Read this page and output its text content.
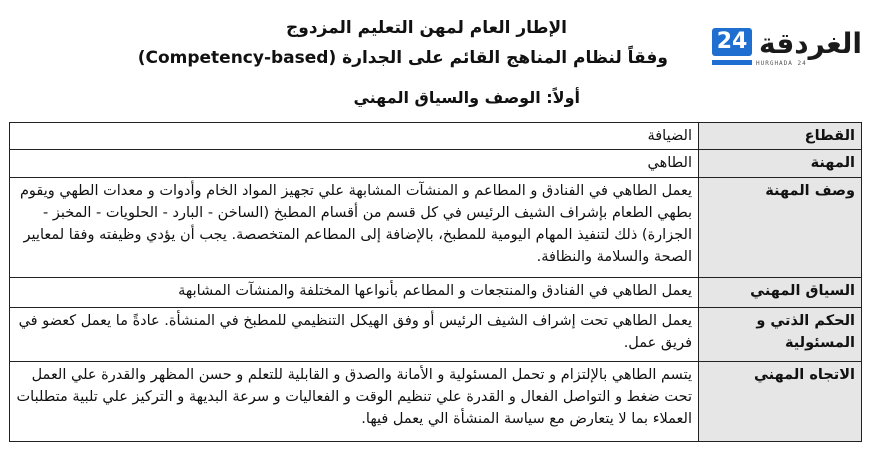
الإطار العام لمهن التعليم المزدوج
وفقاً لنظام المناهج القائم على الجدارة (Competency-based)
أولاً: الوصف والسياق المهني
24 الغردقة
HURGHADA 24
القطاع	الضيافة
المهنة	الطاهي
وصف المهنة	يعمل الطاهي في الفنادق و المطاعم و المنشآت المشابهة علي تجهيز المواد الخام وأدوات و معدات الطهي ويقوم بطهي الطعام بإشراف الشيف الرئيس في كل قسم من أقسام المطبخ (الساخن - البارد - الحلويات - المخبز - الجزارة) ذلك لتنفيذ المهام اليومية للمطبخ، بالإضافة إلى المطاعم المتخصصة. يجب أن يؤدي وظيفته وفقا لمعايير الصحة والسلامة والنظافة.
السياق المهني	يعمل الطاهي في الفنادق والمنتجعات و المطاعم بأنواعها المختلفة والمنشآت المشابهة
الحكم الذتي و المسئولية	يعمل الطاهي تحت إشراف الشيف الرئيس أو وفق الهيكل التنظيمي للمطبخ في المنشأة. عادةً ما يعمل كعضو في فريق عمل.
الاتجاه المهني	يتسم الطاهي بالإلتزام و تحمل المسئولية و الأمانة والصدق و القابلية للتعلم و حسن المظهر والقدرة علي العمل تحت ضغط و التواصل الفعال و القدرة علي تنظيم الوقت و الفعاليات و سرعة البديهة و التركيز علي تلبية متطلبات العملاء بما لا يتعارض مع سياسة المنشأة الي يعمل فيها.
